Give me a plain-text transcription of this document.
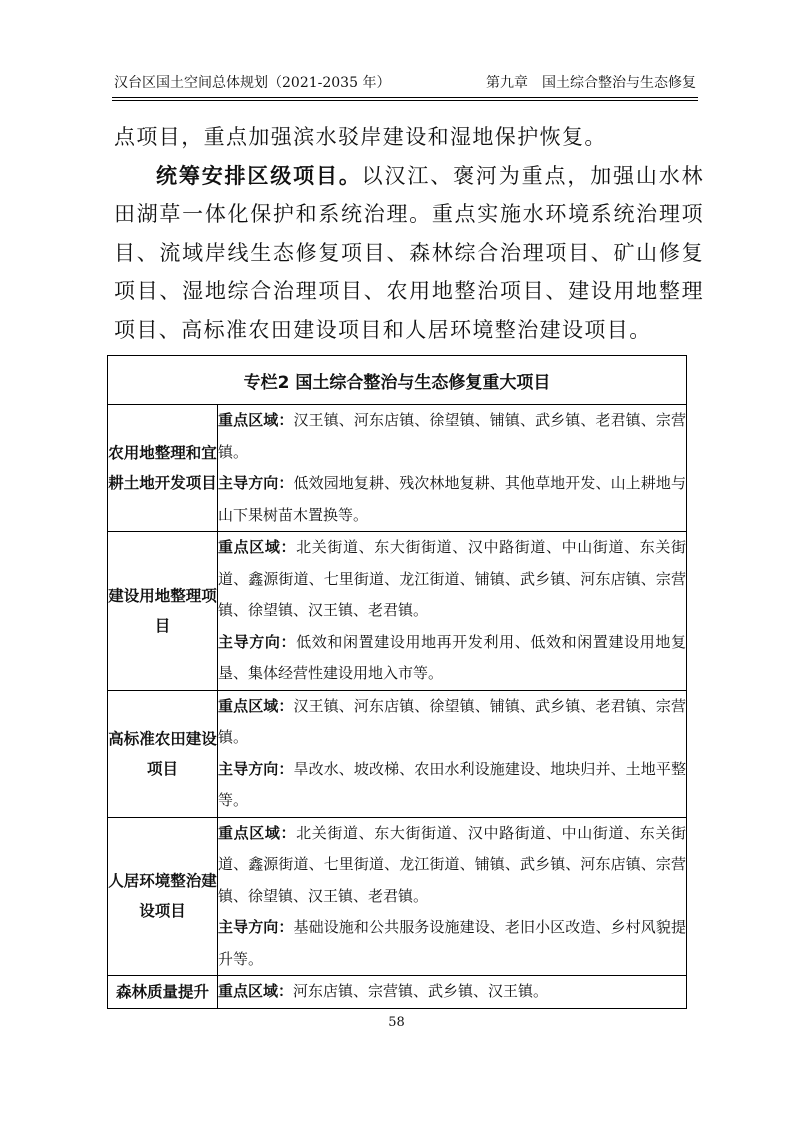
汉台区国土空间总体规划（2021-2035 年）	第九章　国土综合整治与生态修复

点项目，重点加强滨水驳岸建设和湿地保护恢复。

统筹安排区级项目。以汉江、褒河为重点，加强山水林田湖草一体化保护和系统治理。重点实施水环境系统治理项目、流域岸线生态修复项目、森林综合治理项目、矿山修复项目、湿地综合治理项目、农用地整治项目、建设用地整理项目、高标准农田建设项目和人居环境整治建设项目。

专栏2 国土综合整治与生态修复重大项目	
农用地整理和宜耕土地开发项目	重点区域：汉王镇、河东店镇、徐望镇、铺镇、武乡镇、老君镇、宗营镇。
主导方向：低效园地复耕、残次林地复耕、其他草地开发、山上耕地与山下果树苗木置换等。

建设用地整理项目	重点区域：北关街道、东大街街道、汉中路街道、中山街道、东关街道、鑫源街道、七里街道、龙江街道、铺镇、武乡镇、河东店镇、宗营镇、徐望镇、汉王镇、老君镇。
主导方向：低效和闲置建设用地再开发利用、低效和闲置建设用地复垦、集体经营性建设用地入市等。

高标准农田建设项目	重点区域：汉王镇、河东店镇、徐望镇、铺镇、武乡镇、老君镇、宗营镇。
主导方向：旱改水、坡改梯、农田水利设施建设、地块归并、土地平整等。

人居环境整治建设项目	重点区域：北关街道、东大街街道、汉中路街道、中山街道、东关街道、鑫源街道、七里街道、龙江街道、铺镇、武乡镇、河东店镇、宗营镇、徐望镇、汉王镇、老君镇。
主导方向：基础设施和公共服务设施建设、老旧小区改造、乡村风貌提升等。

森林质量提升	重点区域：河东店镇、宗营镇、武乡镇、汉王镇。
58
